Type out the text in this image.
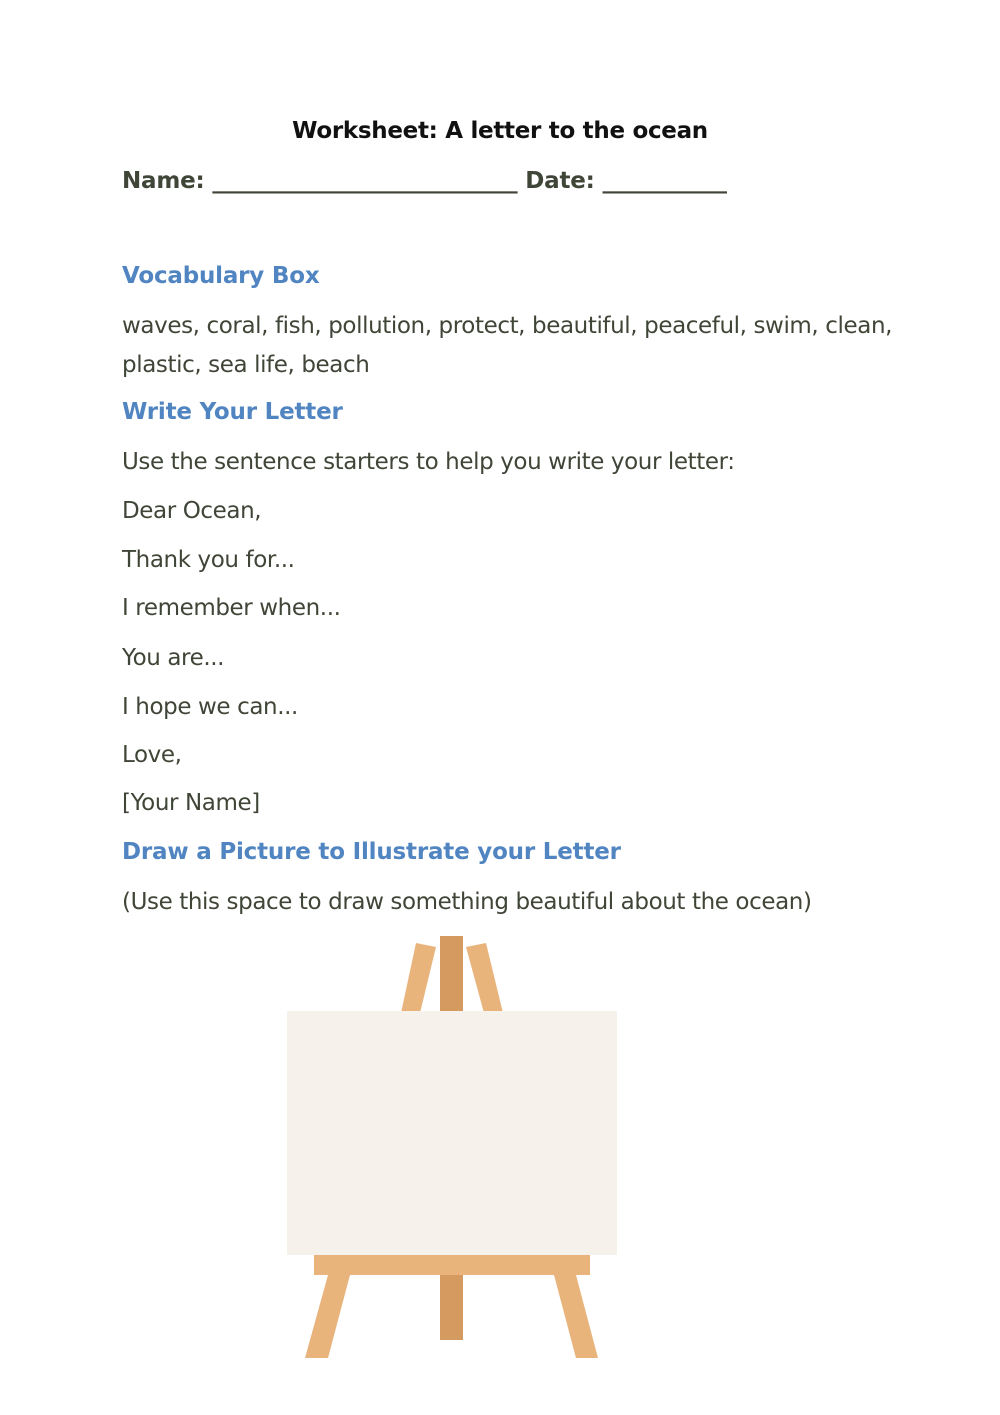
Worksheet: A letter to the ocean
Name: ___________________________ Date: ___________
Vocabulary Box
waves, coral, fish, pollution, protect, beautiful, peaceful, swim, clean,
plastic, sea life, beach
Write Your Letter
Use the sentence starters to help you write your letter:
Dear Ocean,
Thank you for...
I remember when...
You are...
I hope we can...
Love,
[Your Name]
Draw a Picture to Illustrate your Letter
(Use this space to draw something beautiful about the ocean)
